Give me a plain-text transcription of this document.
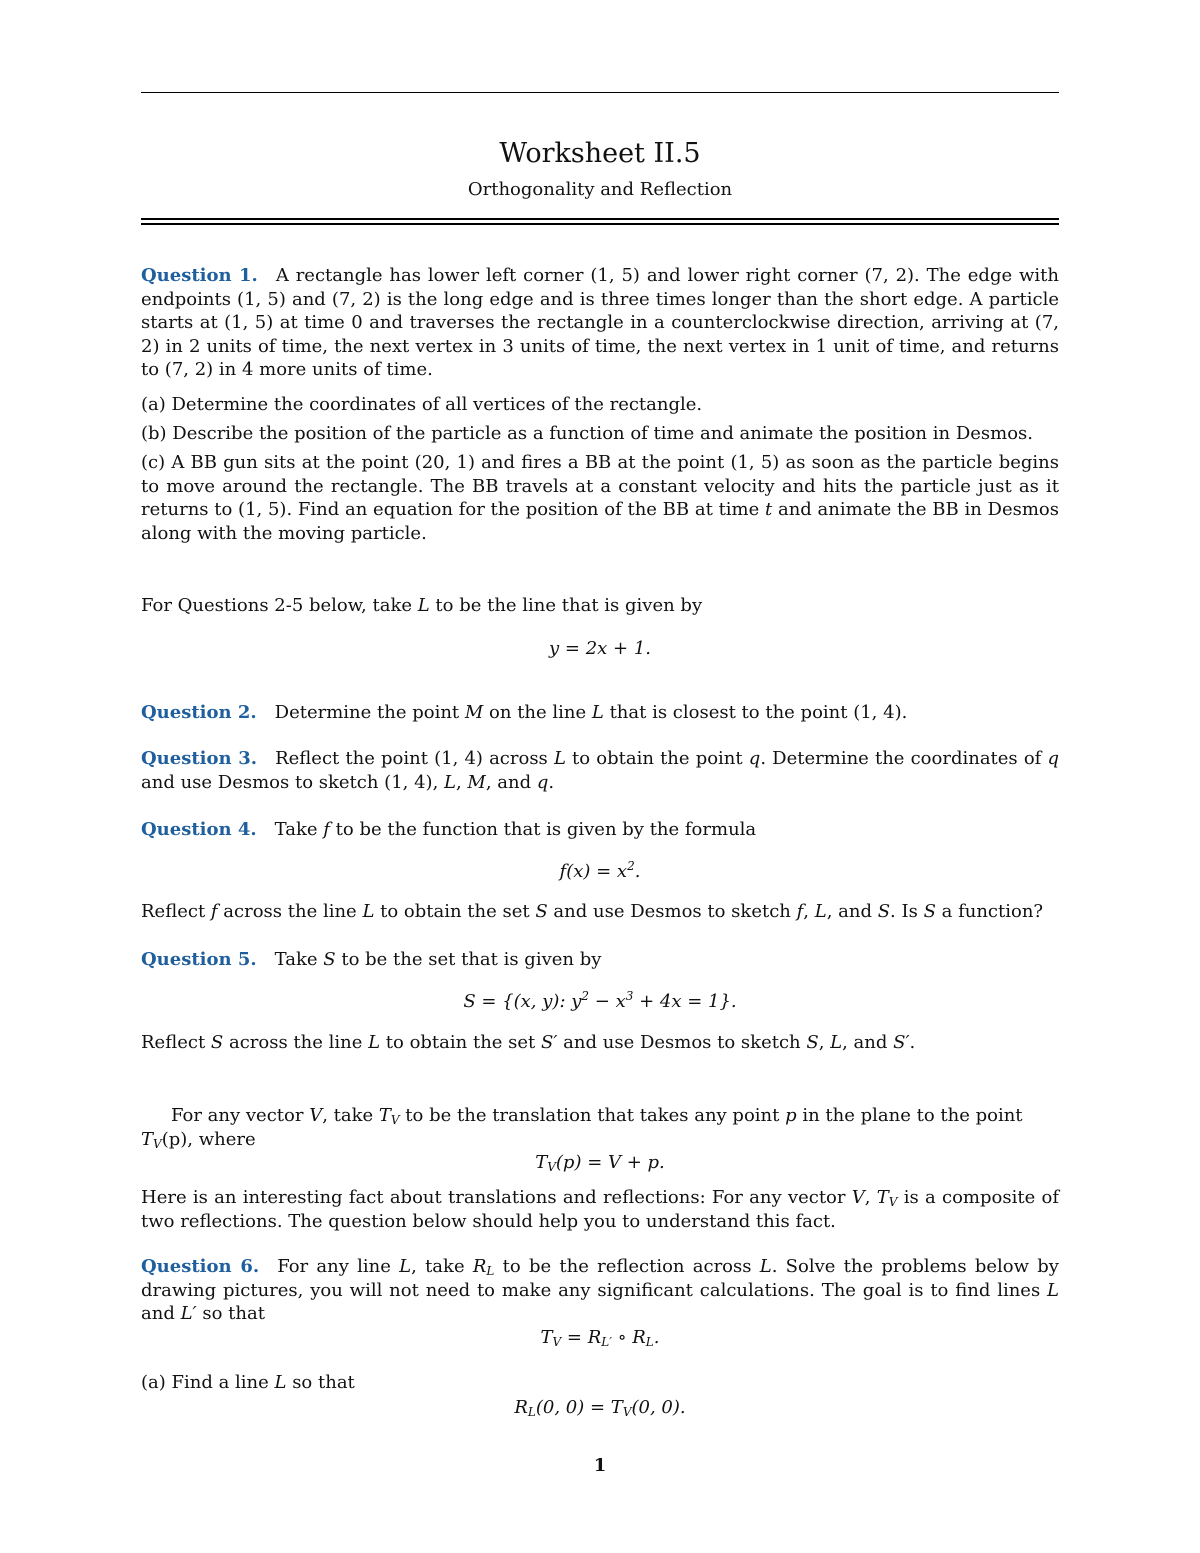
Worksheet II.5
Orthogonality and Reflection

Question 1. A rectangle has lower left corner (1, 5) and lower right corner (7, 2). The edge with endpoints (1, 5) and (7, 2) is the long edge and is three times longer than the short edge. A particle starts at (1, 5) at time 0 and traverses the rectangle in a counterclockwise direction, arriving at (7, 2) in 2 units of time, the next vertex in 3 units of time, the next vertex in 1 unit of time, and returns to (7, 2) in 4 more units of time.

(a) Determine the coordinates of all vertices of the rectangle.

(b) Describe the position of the particle as a function of time and animate the position in Desmos.

(c) A BB gun sits at the point (20, 1) and fires a BB at the point (1, 5) as soon as the particle begins to move around the rectangle. The BB travels at a constant velocity and hits the particle just as it returns to (1, 5). Find an equation for the position of the BB at time t and animate the BB in Desmos along with the moving particle.

For Questions 2-5 below, take L to be the line that is given by

y = 2x + 1.

Question 2. Determine the point M on the line L that is closest to the point (1, 4).

Question 3. Reflect the point (1, 4) across L to obtain the point q. Determine the coordinates of q and use Desmos to sketch (1, 4), L, M, and q.

Question 4. Take f to be the function that is given by the formula

$f(x) = x^2$.

Reflect f across the line L to obtain the set S and use Desmos to sketch f, L, and S. Is S a function?

Question 5. Take S to be the set that is given by

S = {(x, y): $y^2 - x^3 + 4x = 1$}.

Reflect S across the line L to obtain the set S′ and use Desmos to sketch S, L, and S′.

For any vector V, take $T_V$ to be the translation that takes any point p in the plane to the point $T_V(p)$, where

$T_V(p) = V + p$.

Here is an interesting fact about translations and reflections: For any vector V, $T_V$ is a composite of two reflections. The question below should help you to understand this fact.

Question 6. For any line L, take $R_L$ to be the reflection across L. Solve the problems below by drawing pictures, you will not need to make any significant calculations. The goal is to find lines L and L′ so that

$T_V = R_{L'}$ ∘ $R_L$.

(a) Find a line L so that

$R_L(0$, $0) = T_V(0$, 0).
1
